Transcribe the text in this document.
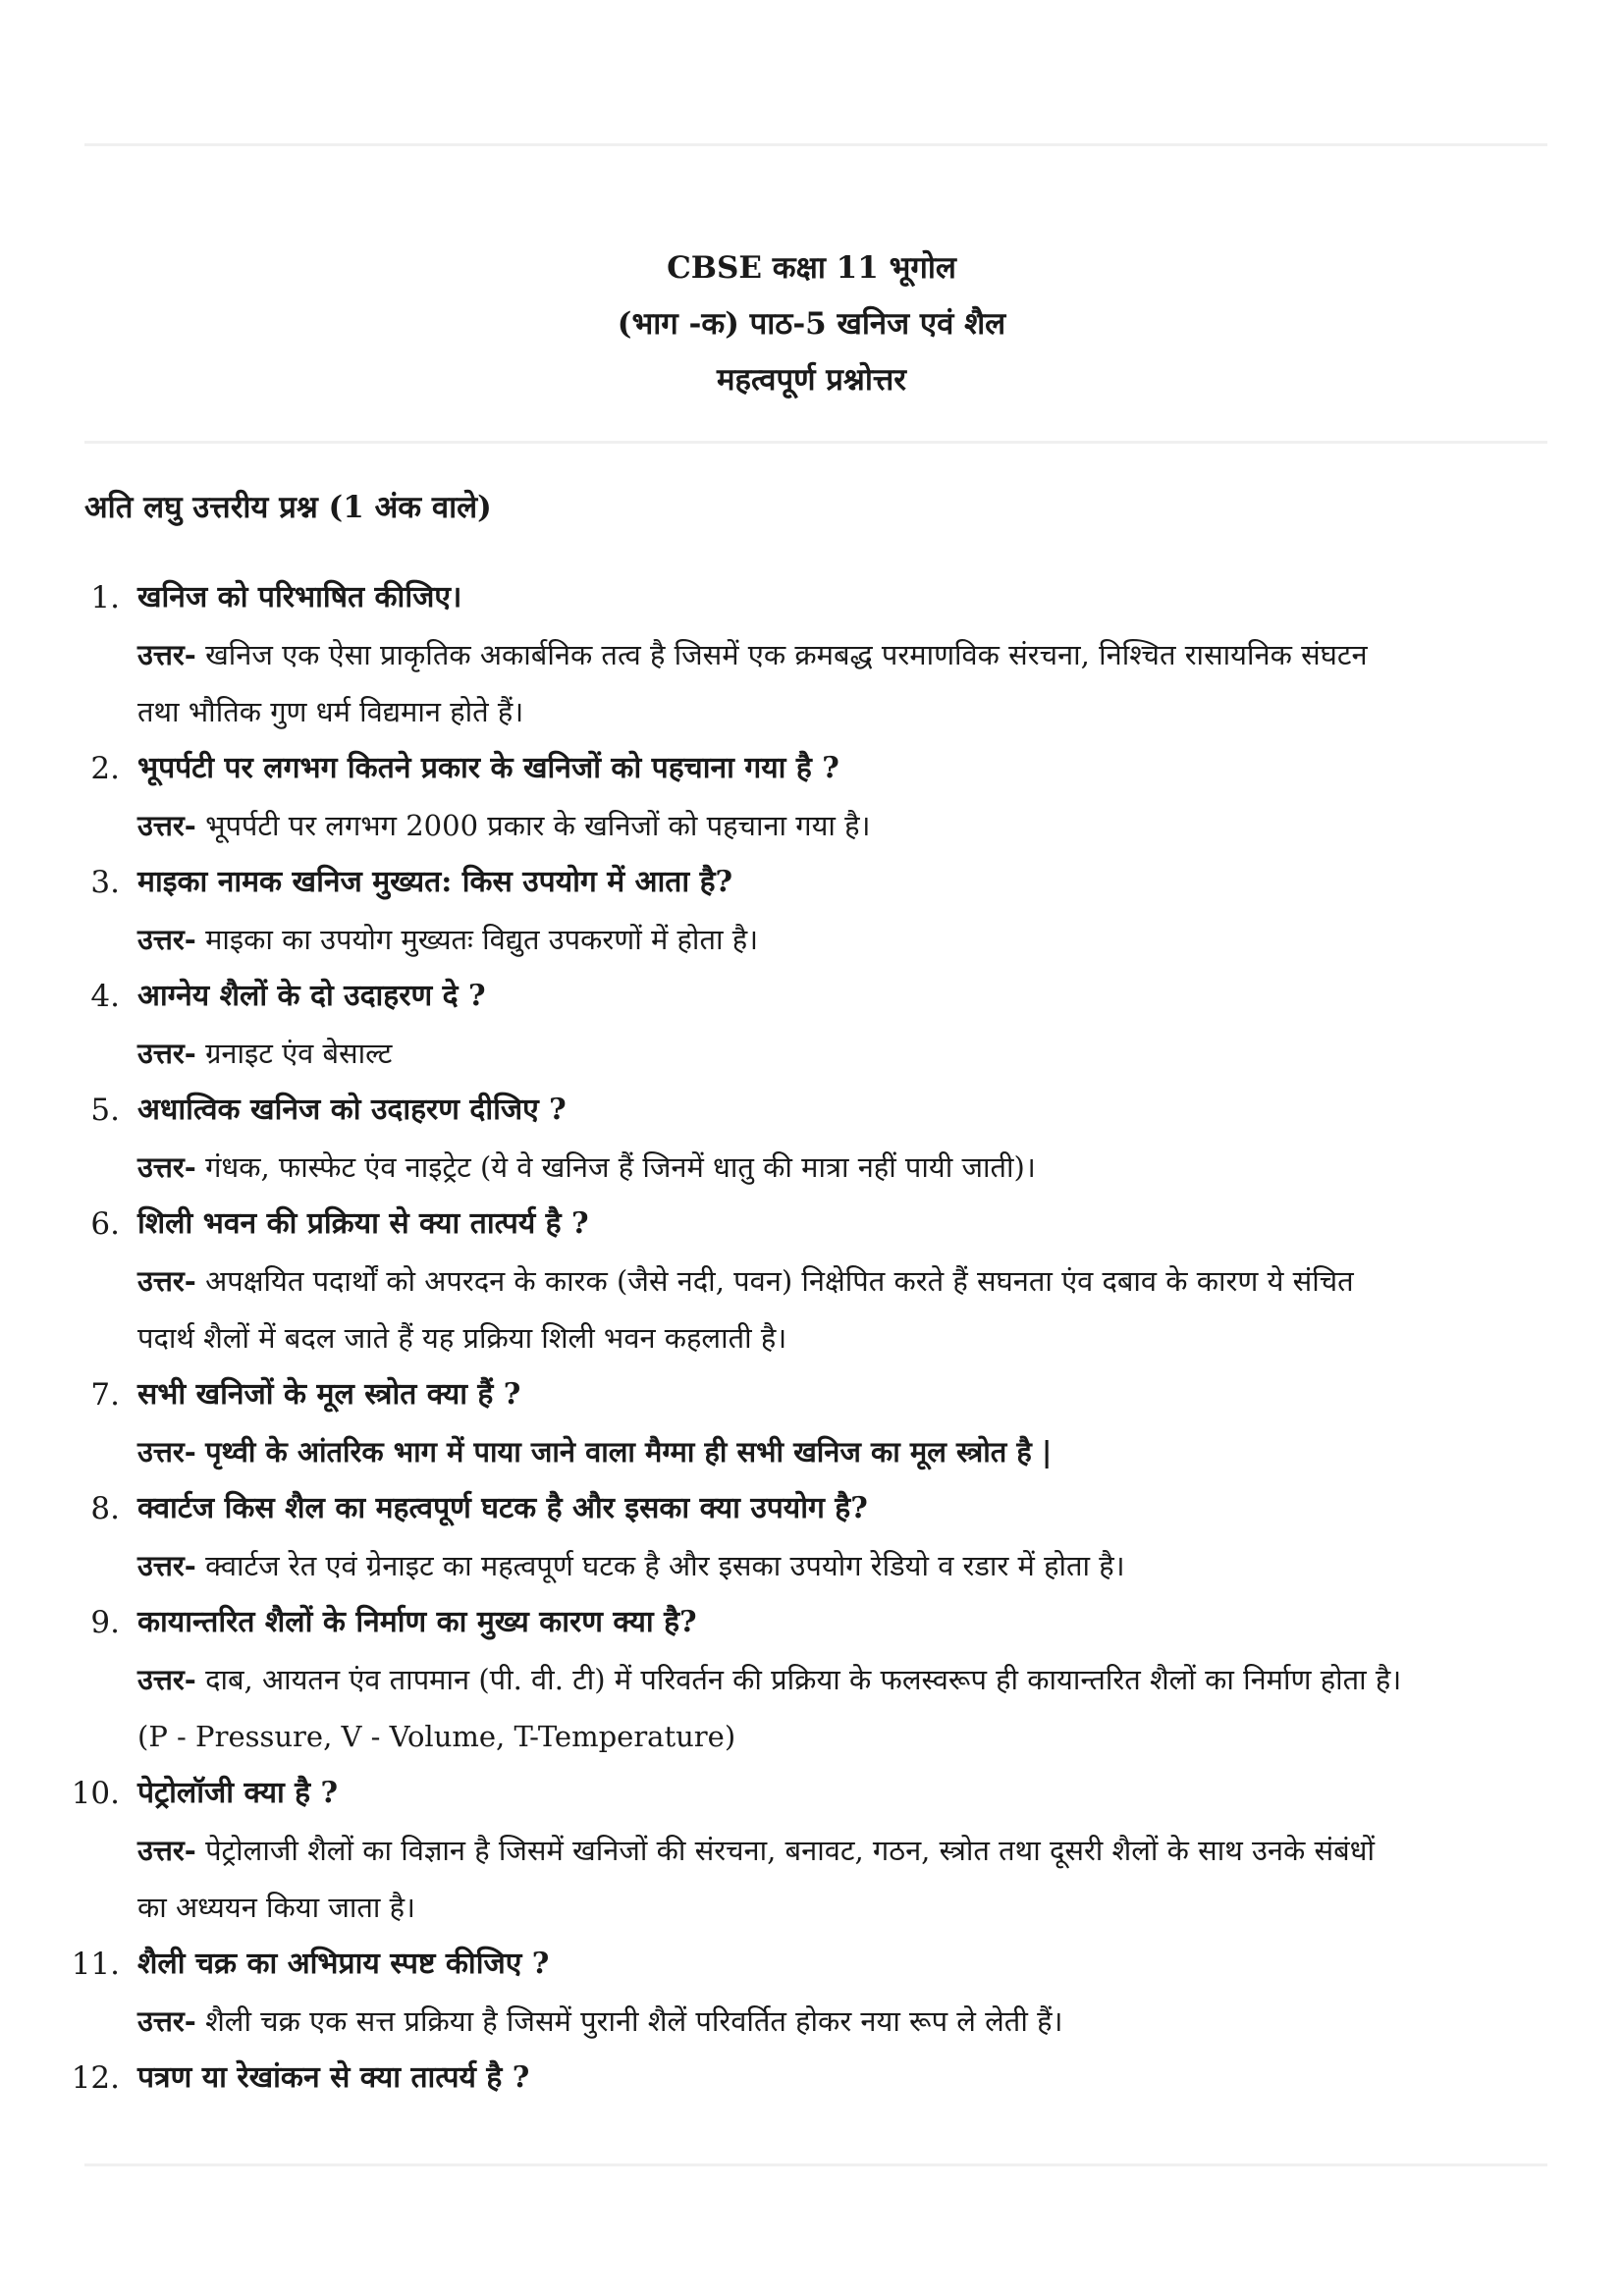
CBSE कक्षा 11 भूगोल
(भाग -क) पाठ-5 खनिज एवं शैल
महत्वपूर्ण प्रश्नोत्तर
अति लघु उत्तरीय प्रश्न (1 अंक वाले)
1. खनिज को परिभाषित कीजिए।
उत्तर- खनिज एक ऐसा प्राकृतिक अकार्बनिक तत्व है जिसमें एक क्रमबद्ध परमाणविक संरचना, निश्चित रासायनिक संघटन
तथा भौतिक गुण धर्म विद्यमान होते हैं।
2. भूपर्पटी पर लगभग कितने प्रकार के खनिजों को पहचाना गया है ?
उत्तर- भूपर्पटी पर लगभग 2000 प्रकार के खनिजों को पहचाना गया है।
3. माइका नामक खनिज मुख्यत: किस उपयोग में आता है?
उत्तर- माइका का उपयोग मुख्यतः विद्युत उपकरणों में होता है।
4. आग्नेय शैलों के दो उदाहरण दे ?
उत्तर- ग्रनाइट एंव बेसाल्ट
5. अधात्विक खनिज को उदाहरण दीजिए ?
उत्तर- गंधक, फास्फेट एंव नाइट्रेट (ये वे खनिज हैं जिनमें धातु की मात्रा नहीं पायी जाती)।
6. शिली भवन की प्रक्रिया से क्या तात्पर्य है ?
उत्तर- अपक्षयित पदार्थों को अपरदन के कारक (जैसे नदी, पवन) निक्षेपित करते हैं सघनता एंव दबाव के कारण ये संचित
पदार्थ शैलों में बदल जाते हैं यह प्रक्रिया शिली भवन कहलाती है।
7. सभी खनिजों के मूल स्त्रोत क्या हैं ?
उत्तर- पृथ्वी के आंतरिक भाग में पाया जाने वाला मैग्मा ही सभी खनिज का मूल स्त्रोत है |
8. क्वार्टज किस शैल का महत्वपूर्ण घटक है और इसका क्या उपयोग है?
उत्तर- क्वार्टज रेत एवं ग्रेनाइट का महत्वपूर्ण घटक है और इसका उपयोग रेडियो व रडार में होता है।
9. कायान्तरित शैलों के निर्माण का मुख्य कारण क्या है?
उत्तर- दाब, आयतन एंव तापमान (पी. वी. टी) में परिवर्तन की प्रक्रिया के फलस्वरूप ही कायान्तरित शैलों का निर्माण होता है।
(P - Pressure, V - Volume, T-Temperature)
10. पेट्रोलॉजी क्या है ?
उत्तर- पेट्रोलाजी शैलों का विज्ञान है जिसमें खनिजों की संरचना, बनावट, गठन, स्त्रोत तथा दूसरी शैलों के साथ उनके संबंधों
का अध्ययन किया जाता है।
11. शैली चक्र का अभिप्राय स्पष्ट कीजिए ?
उत्तर- शैली चक्र एक सत्त प्रक्रिया है जिसमें पुरानी शैलें परिवर्तित होकर नया रूप ले लेती हैं।
12. पत्रण या रेखांकन से क्या तात्पर्य है ?
